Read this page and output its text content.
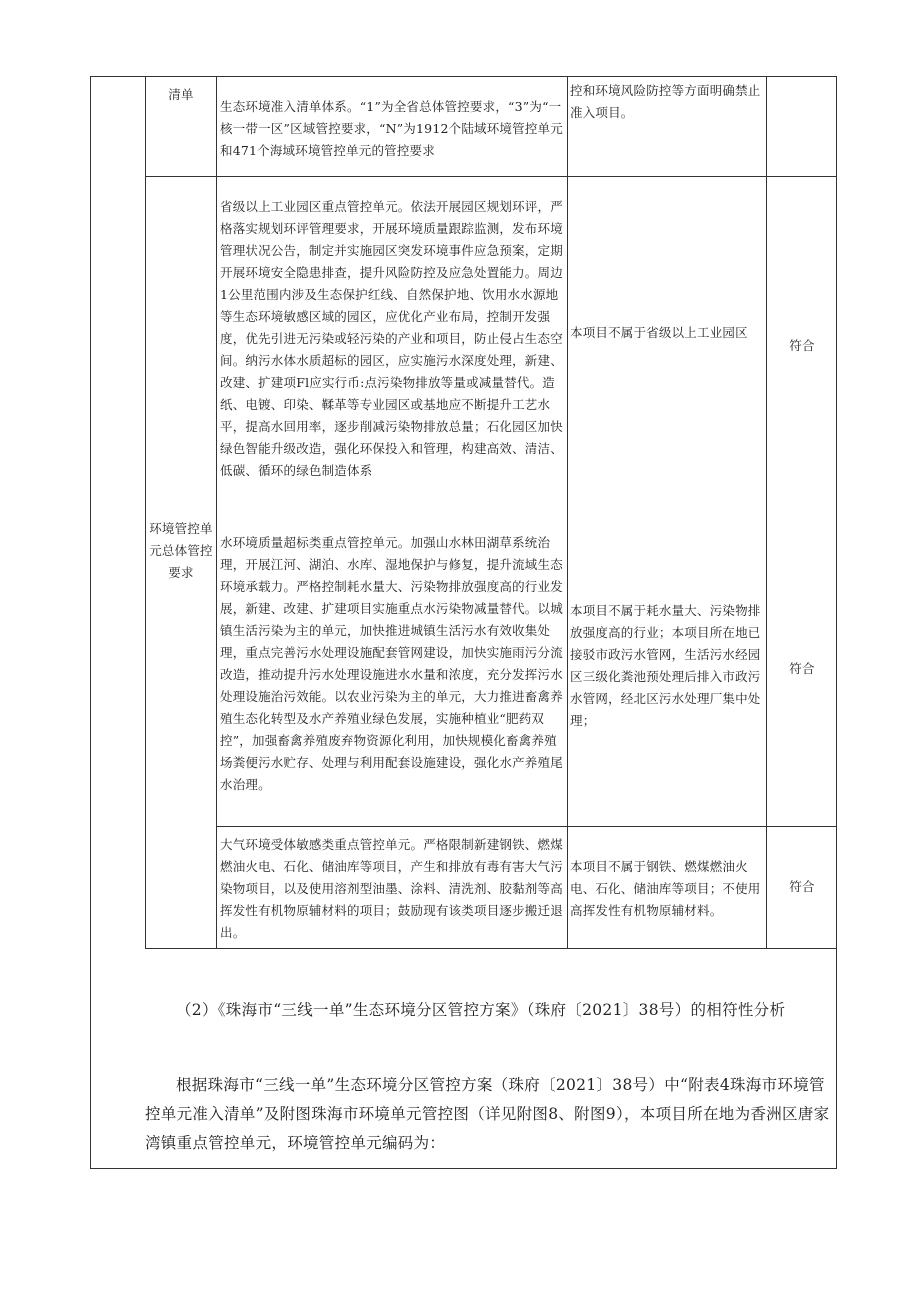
清单
生态环境准入清单体系。“1”为全省总体管控要求，“3”为“一核一带一区”区域管控要求，“N”为1912个陆域环境管控单元和471个海域环境管控单元的管控要求
控和环境风险防控等方面明确禁止准入项目。
环境管控单元总体管控要求
省级以上工业园区重点管控单元。依法开展园区规划环评，严格落实规划环评管理要求，开展环境质量跟踪监测，发布环境管理状况公告，制定并实施园区突发环境事件应急预案，定期开展环境安全隐患排查，提升风险防控及应急处置能力。周边1公里范围内涉及生态保护红线、自然保护地、饮用水水源地等生态环境敏感区域的园区，应优化产业布局，控制开发强度，优先引进无污染或轻污染的产业和项目，防止侵占生态空间。纳污水体水质超标的园区，应实施污水深度处理，新建、改建、扩建项Fl应实行币:点污染物排放等量或减量替代。造纸、电镀、印染、鞣革等专业园区或基地应不断提升工艺水平，提高水回用率，逐步削减污染物排放总量；石化园区加快绿色智能升级改造，强化环保投入和管理，构建高效、清洁、低碳、循环的绿色制造体系
本项目不属于省级以上工业园区
符合
水环境质量超标类重点管控单元。加强山水林田湖草系统治理，开展江河、湖泊、水库、湿地保护与修复，提升流域生态环境承载力。严格控制耗水量大、污染物排放强度高的行业发展，新建、改建、扩建项目实施重点水污染物减量替代。以城镇生活污染为主的单元，加快推进城镇生活污水有效收集处理，重点完善污水处理设施配套管网建设，加快实施雨污分流改造，推动提升污水处理设施进水水量和浓度，充分发挥污水处理设施治污效能。以农业污染为主的单元，大力推进畜禽养殖生态化转型及水产养殖业绿色发展，实施种植业“肥药双控”，加强畜禽养殖废弃物资源化利用，加快规模化畜禽养殖场粪便污水贮存、处理与利用配套设施建设，强化水产养殖尾水治理。
本项目不属于耗水量大、污染物排放强度高的行业；本项目所在地已接驳市政污水管网，生活污水经园区三级化粪池预处理后排入市政污水管网，经北区污水处理厂集中处理；
符合
大气环境受体敏感类重点管控单元。严格限制新建钢铁、燃煤燃油火电、石化、储油库等项目，产生和排放有毒有害大气污染物项目，以及使用溶剂型油墨、涂料、清洗剂、胶黏剂等高挥发性有机物原辅材料的项目；鼓励现有该类项目逐步搬迁退出。
本项目不属于钢铁、燃煤燃油火电、石化、储油库等项目；不使用高挥发性有机物原辅材料。
符合
（2）《珠海市“三线一单”生态环境分区管控方案》（珠府〔2021〕38号）的相符性分析
根据珠海市“三线一单”生态环境分区管控方案（珠府〔2021〕38号）中“附表4珠海市环境管控单元准入清单”及附图珠海市环境单元管控图（详见附图8、附图9），本项目所在地为香洲区唐家湾镇重点管控单元，环境管控单元编码为：
